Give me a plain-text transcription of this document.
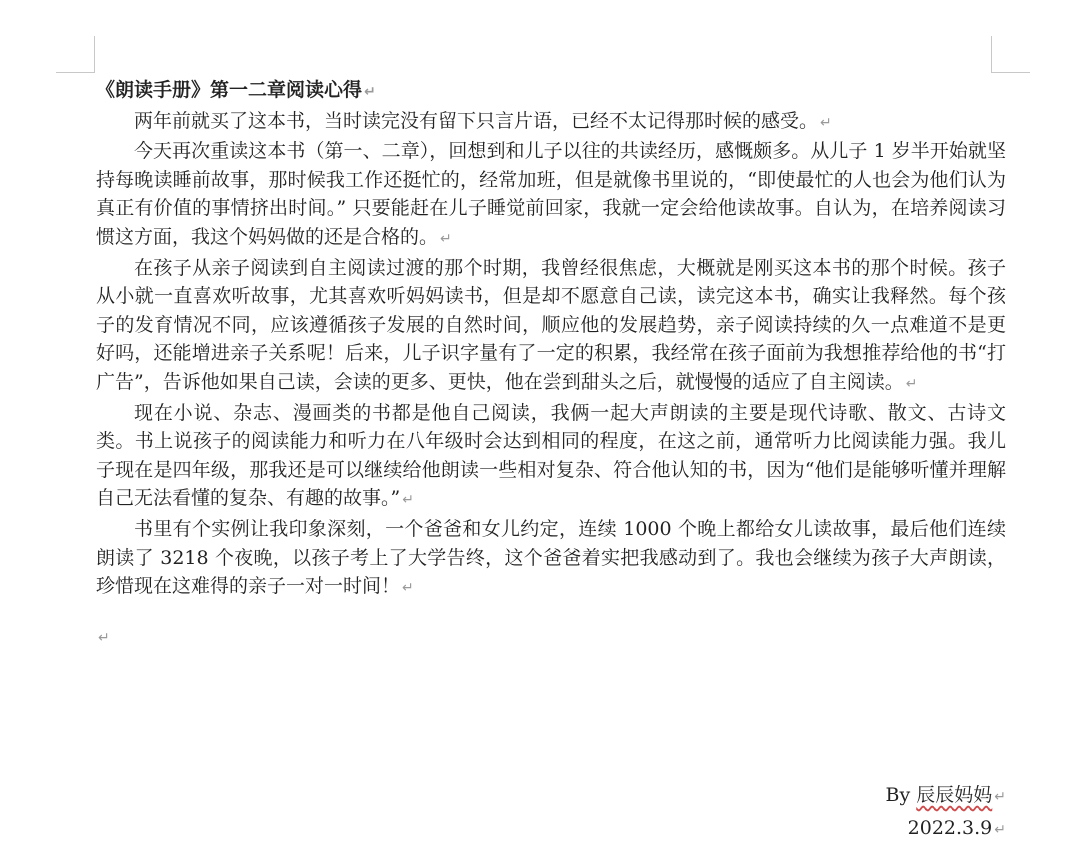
《朗读手册》第一二章阅读心得 ↵

两年前就买了这本书，当时读完没有留下只言片语，已经不太记得那时候的感受。 ↵

今天再次重读这本书（第一、二章），回想到和儿子以往的共读经历，感慨颇多。从儿子 1 岁半开始就坚持每晚读睡前故事，那时候我工作还挺忙的，经常加班，但是就像书里说的，“即使最忙的人也会为他们认为真正有价值的事情挤出时间。” 只要能赶在儿子睡觉前回家，我就一定会给他读故事。自认为，在培养阅读习惯这方面，我这个妈妈做的还是合格的。 ↵

在孩子从亲子阅读到自主阅读过渡的那个时期，我曾经很焦虑，大概就是刚买这本书的那个时候。孩子从小就一直喜欢听故事，尤其喜欢听妈妈读书，但是却不愿意自己读，读完这本书，确实让我释然。每个孩子的发育情况不同，应该遵循孩子发展的自然时间，顺应他的发展趋势，亲子阅读持续的久一点难道不是更好吗，还能增进亲子关系呢！后来，儿子识字量有了一定的积累，我经常在孩子面前为我想推荐给他的书“打广告”，告诉他如果自己读，会读的更多、更快，他在尝到甜头之后，就慢慢的适应了自主阅读。 ↵

现在小说、杂志、漫画类的书都是他自己阅读，我俩一起大声朗读的主要是现代诗歌、散文、古诗文类。书上说孩子的阅读能力和听力在八年级时会达到相同的程度，在这之前，通常听力比阅读能力强。我儿子现在是四年级，那我还是可以继续给他朗读一些相对复杂、符合他认知的书，因为“他们是能够听懂并理解自己无法看懂的复杂、有趣的故事。” ↵

书里有个实例让我印象深刻，一个爸爸和女儿约定，连续 1000 个晚上都给女儿读故事，最后他们连续朗读了 3218 个夜晚，以孩子考上了大学告终，这个爸爸着实把我感动到了。我也会继续为孩子大声朗读，珍惜现在这难得的亲子一对一时间！ ↵

↵

By 辰辰妈妈 ↵
2022.3.9 ↵
